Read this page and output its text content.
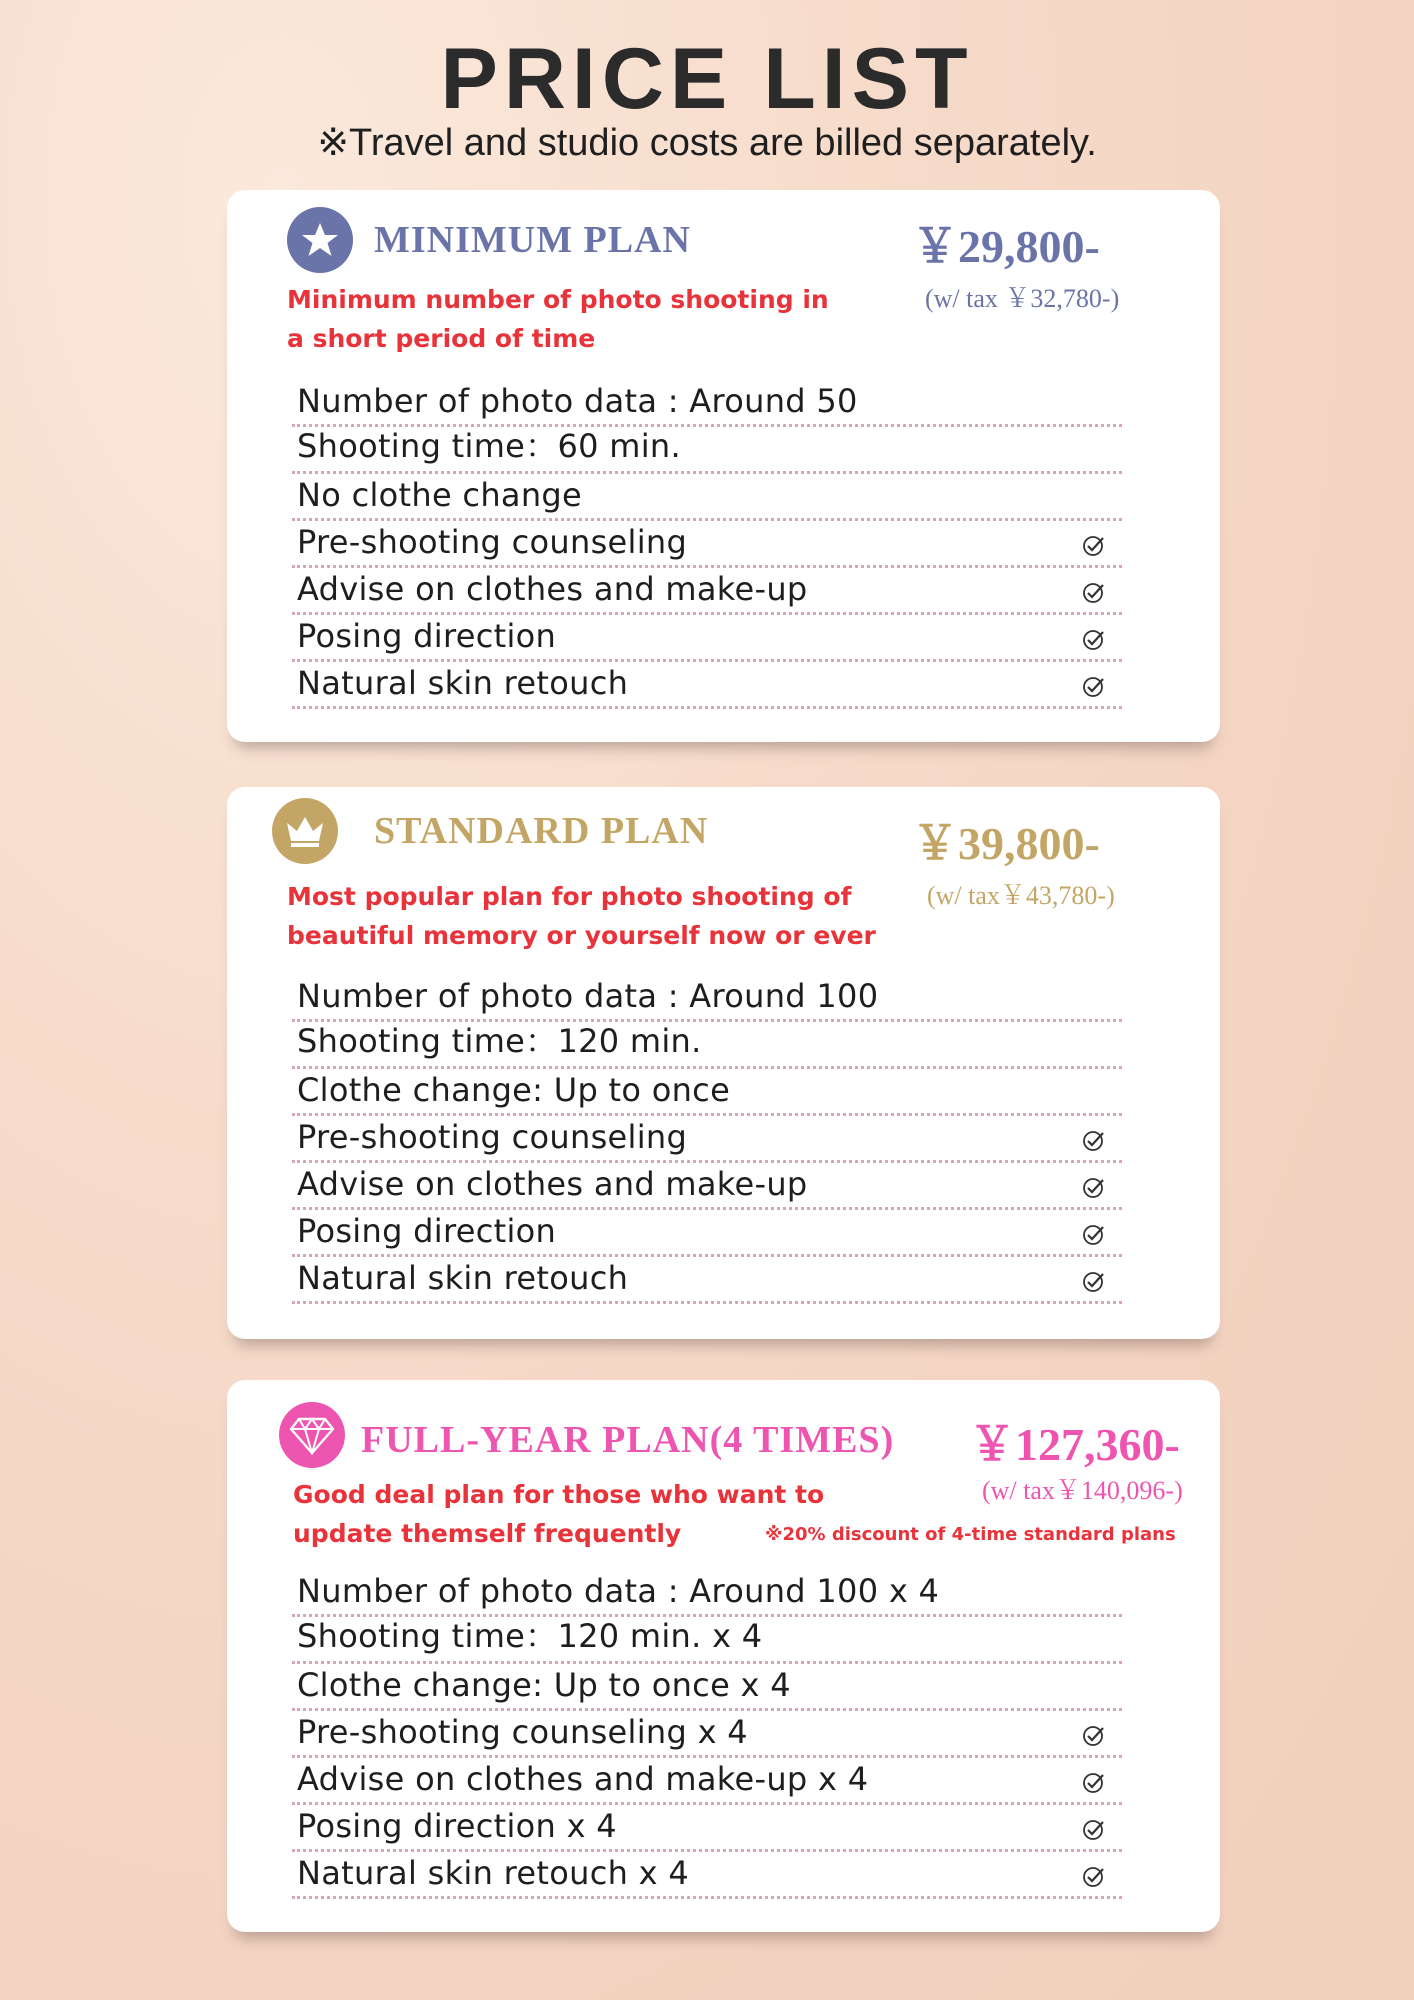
PRICE LIST
※Travel and studio costs are billed separately.
MINIMUM PLAN	￥29,800-
(w/ tax ￥32,780-)
Minimum number of photo shooting in
a short period of time
Number of photo data : Around 50
Shooting time：60 min.
No clothe change
Pre-shooting counseling
Advise on clothes and make-up
Posing direction
Natural skin retouch
STANDARD PLAN	￥39,800-
(w/ tax￥43,780-)
Most popular plan for photo shooting of
beautiful memory or yourself now or ever
Number of photo data : Around 100
Shooting time：120 min.
Clothe change: Up to once
Pre-shooting counseling
Advise on clothes and make-up
Posing direction
Natural skin retouch
FULL-YEAR PLAN(4 TIMES) ￥127,360-
(w/ tax￥140,096-)
Good deal plan for those who want to
update themself frequently	※20% discount of 4-time standard plans
Number of photo data : Around 100 x 4
Shooting time：120 min. x 4
Clothe change: Up to once x 4
Pre-shooting counseling x 4
Advise on clothes and make-up x 4
Posing direction x 4
Natural skin retouch x 4
